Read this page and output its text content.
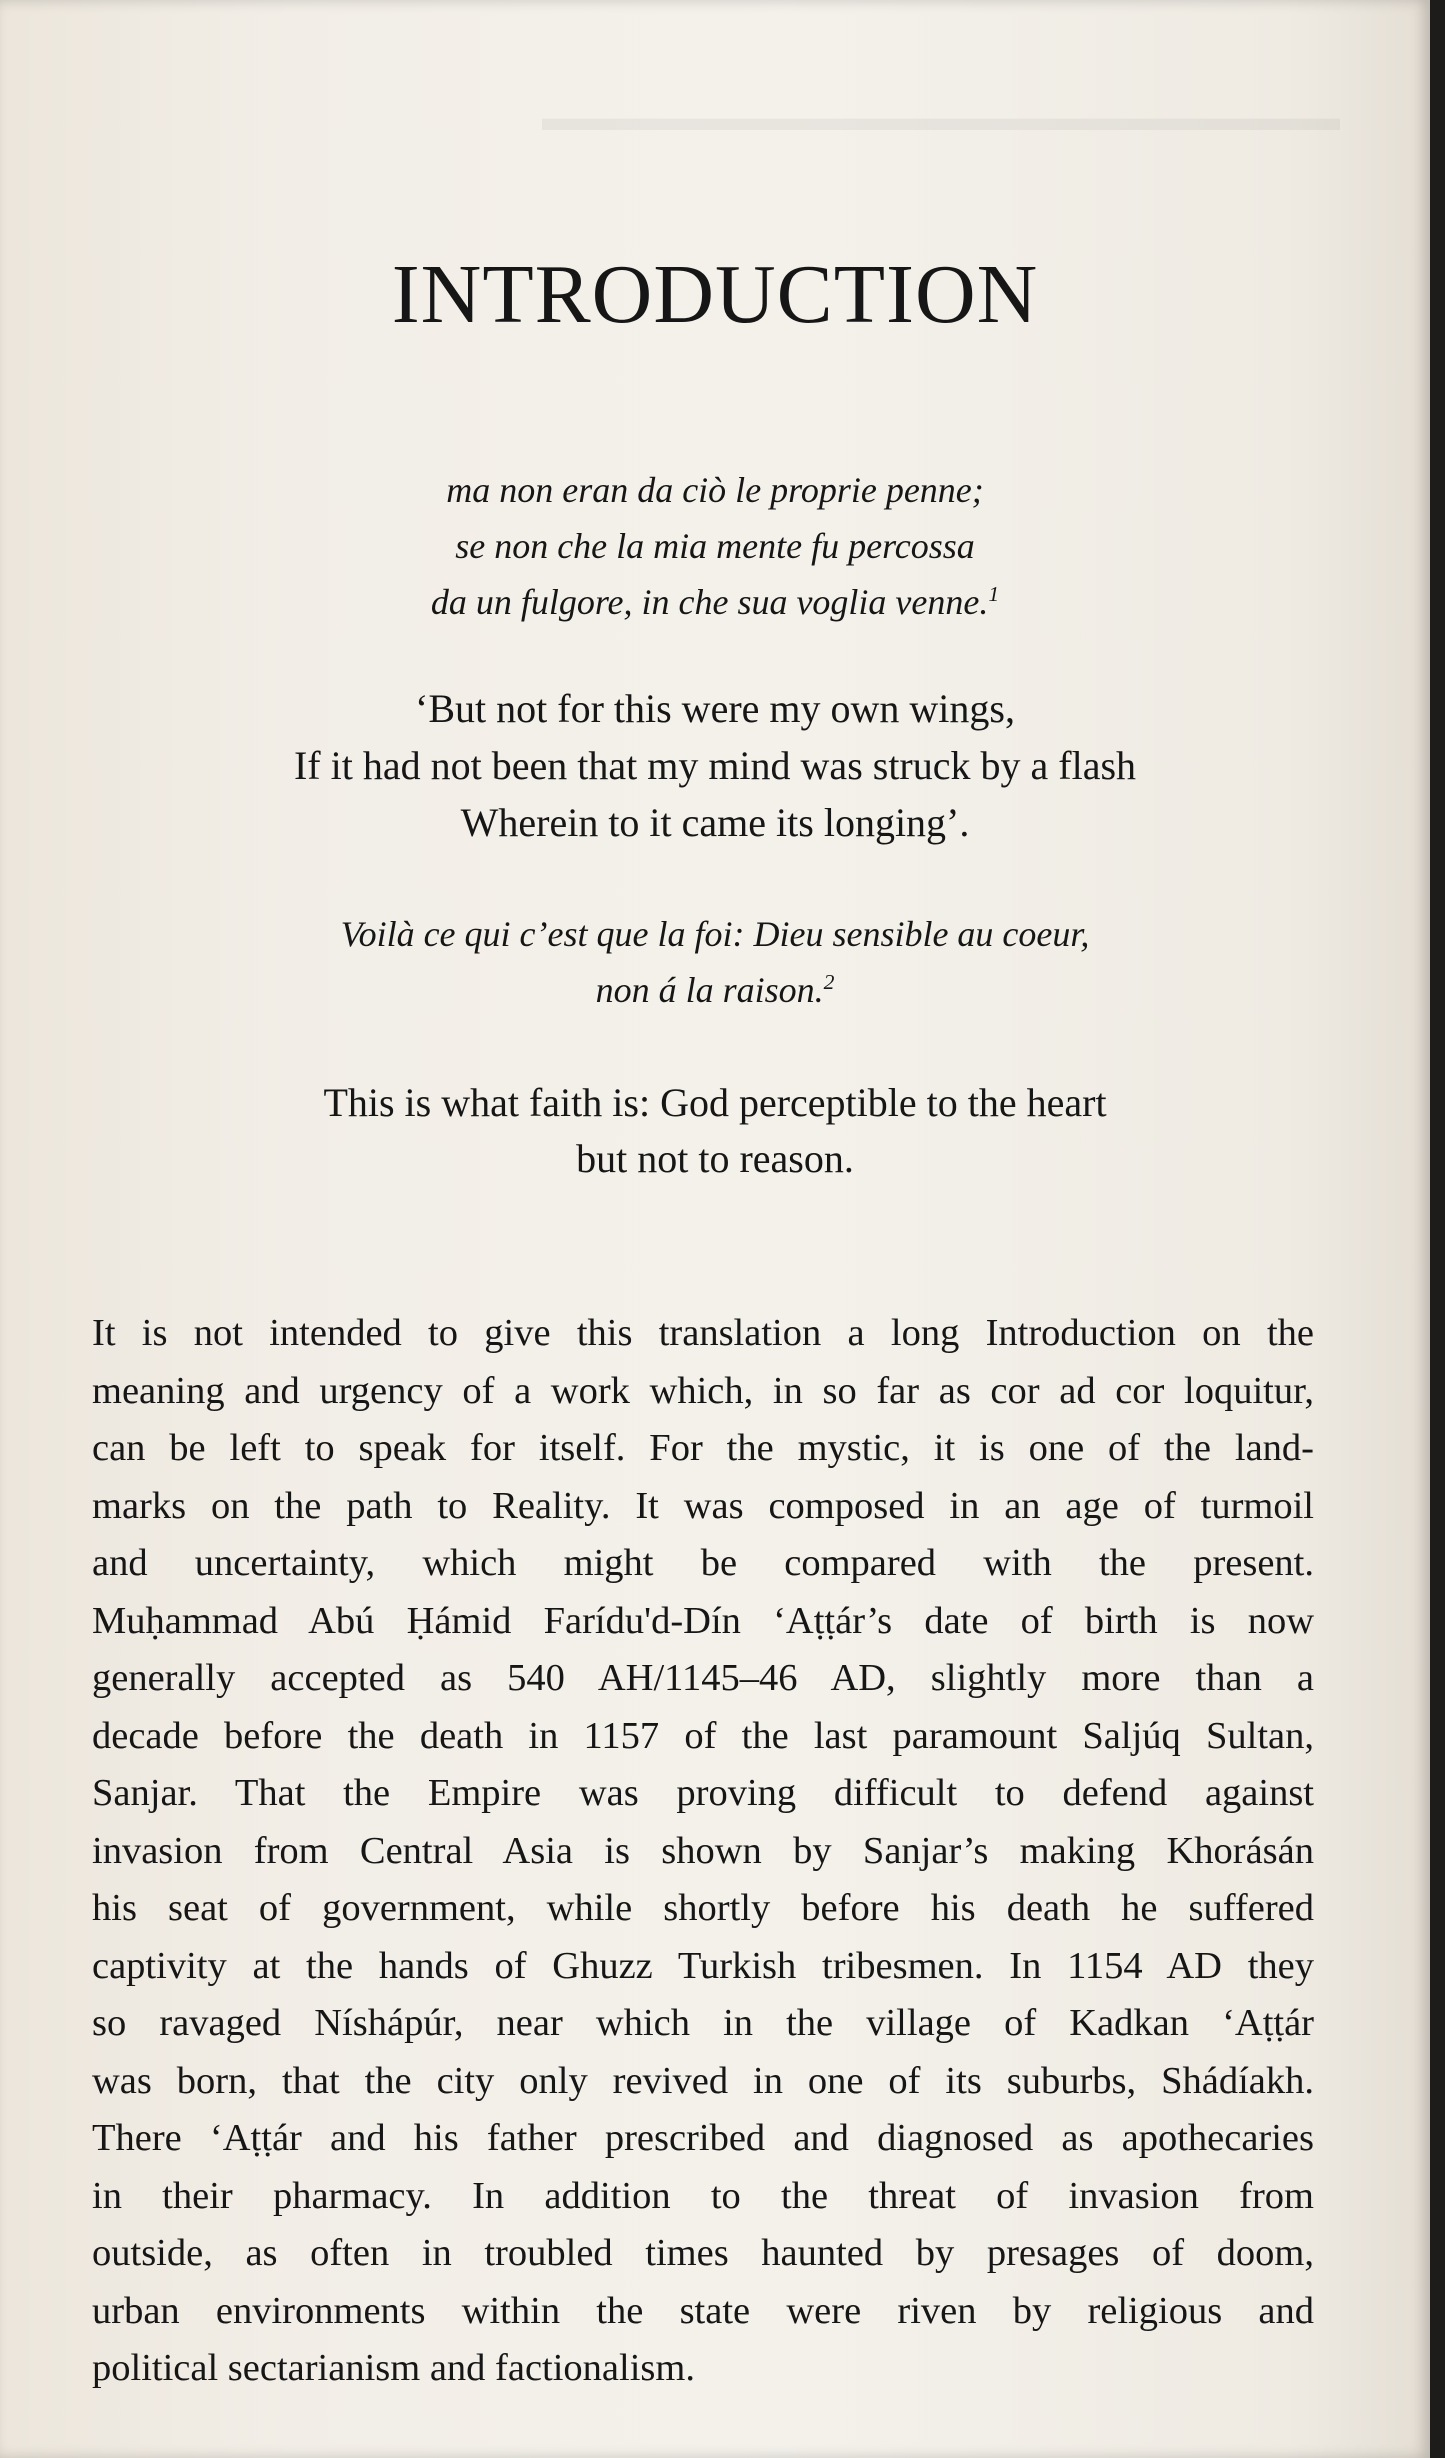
INTRODUCTION

ma non eran da ciò le proprie penne;
se non che la mia mente fu percossa
da un fulgore, in che sua voglia venne.$^1$

‘But not for this were my own wings,
If it had not been that my mind was struck by a flash
Wherein to it came its longing’.

Voilà ce qui c’est que la foi: Dieu sensible au coeur,
non á la raison.$^2$

This is what faith is: God perceptible to the heart
but not to reason.

It is not intended to give this translation a long Introduction on the
meaning and urgency of a work which, in so far as cor ad cor loquitur,
can be left to speak for itself. For the mystic, it is one of the land-
marks on the path to Reality. It was composed in an age of turmoil
and uncertainty, which might be compared with the present.
Muḥammad Abú Ḥámid Farídu'd-Dín ‘Aṭṭár’s date of birth is now
generally accepted as 540 AH/1145–46 AD, slightly more than a
decade before the death in 1157 of the last paramount Saljúq Sultan,
Sanjar. That the Empire was proving difficult to defend against
invasion from Central Asia is shown by Sanjar’s making Khorásán
his seat of government, while shortly before his death he suffered
captivity at the hands of Ghuzz Turkish tribesmen. In 1154 AD they
so ravaged Níshápúr, near which in the village of Kadkan ‘Aṭṭár
was born, that the city only revived in one of its suburbs, Shádíakh.
There ‘Aṭṭár and his father prescribed and diagnosed as apothecaries
in their pharmacy. In addition to the threat of invasion from
outside, as often in troubled times haunted by presages of doom,
urban environments within the state were riven by religious and
political sectarianism and factionalism.
